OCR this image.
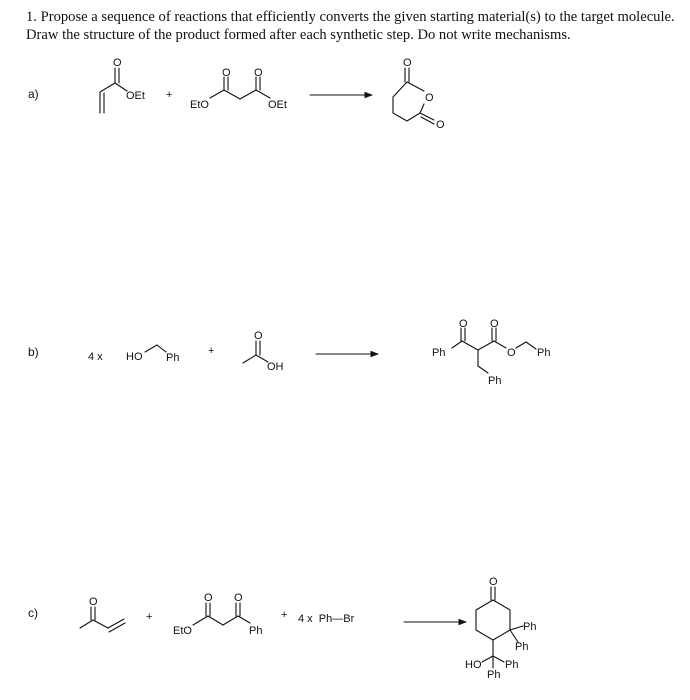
1. Propose a sequence of reactions that efficiently converts the given starting material(s) to the target molecule.
Draw the structure of the product formed after each synthetic step. Do not write mechanisms.
a)
O
OEt +
O O
EtO	OEt
O
O
O
b)	4 x HO Ph
+
O
OH
O O
O
Ph	Ph
Ph
c)
O
+
O O
EtO	Ph
+ 4 x  Ph—Br
O
Ph
Ph
Ph
Ph
HO
